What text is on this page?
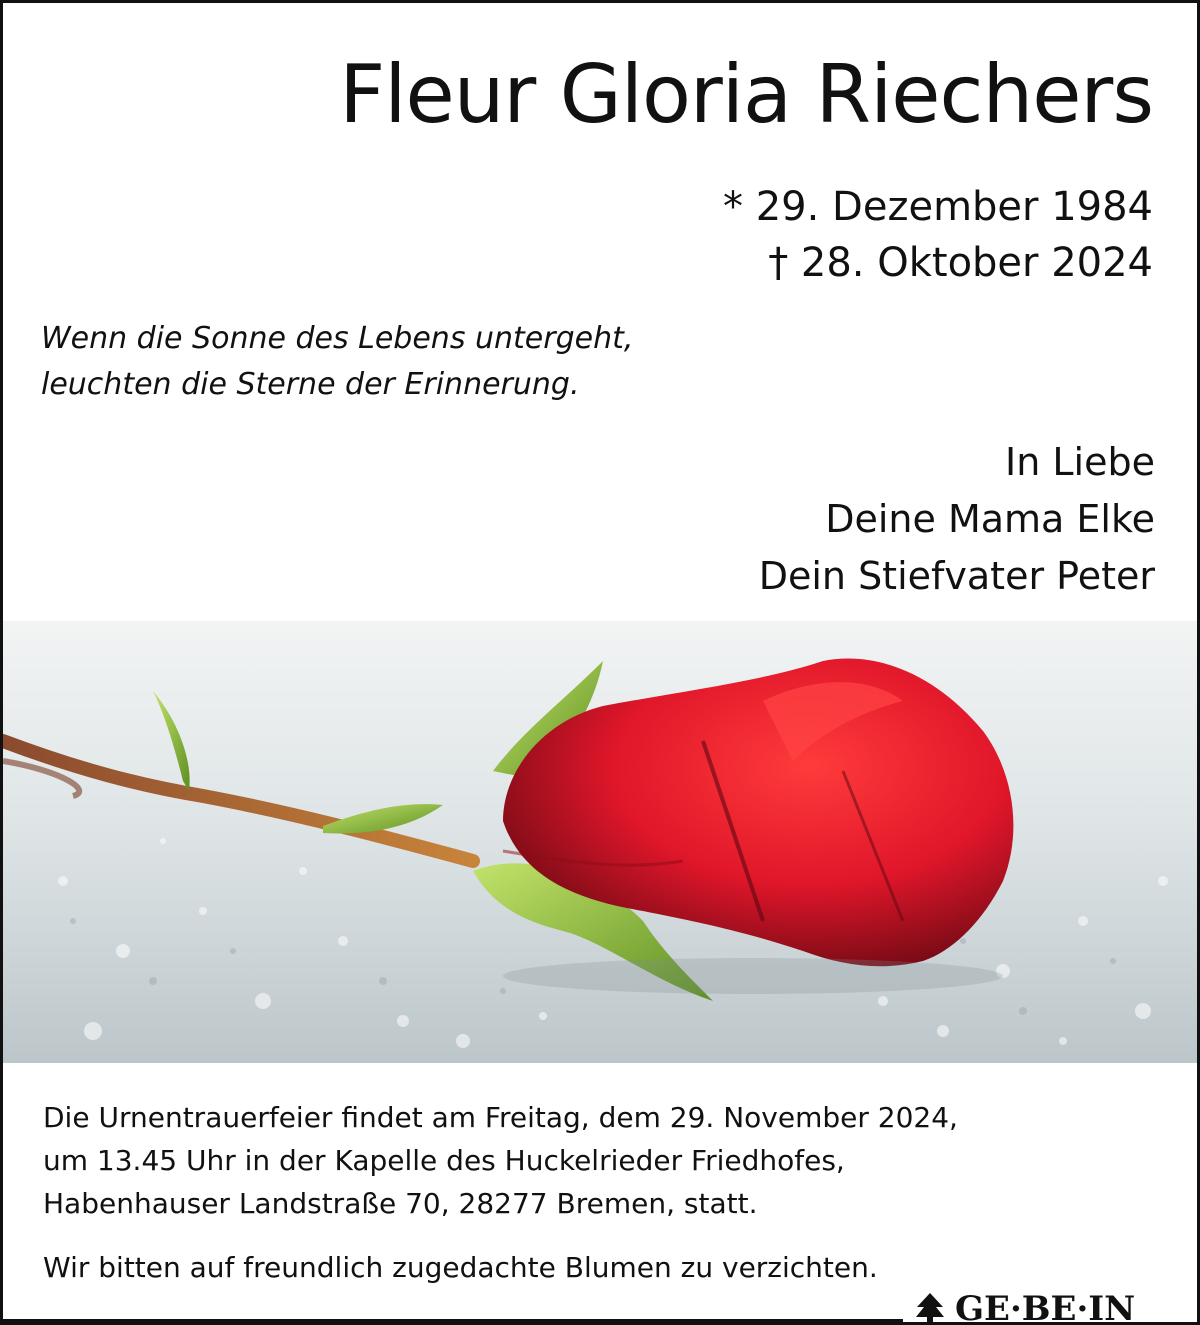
Fleur Gloria Riechers
* 29. Dezember 1984
† 28. Oktober 2024
Wenn die Sonne des Lebens untergeht,
leuchten die Sterne der Erinnerung.
In Liebe
Deine Mama Elke
Dein Stiefvater Peter
Die Urnentrauerfeier findet am Freitag, dem 29. November 2024,
um 13.45 Uhr in der Kapelle des Huckelrieder Friedhofes,
Habenhauser Landstraße 70, 28277 Bremen, statt.
Wir bitten auf freundlich zugedachte Blumen zu verzichten.
GE·BE·IN
